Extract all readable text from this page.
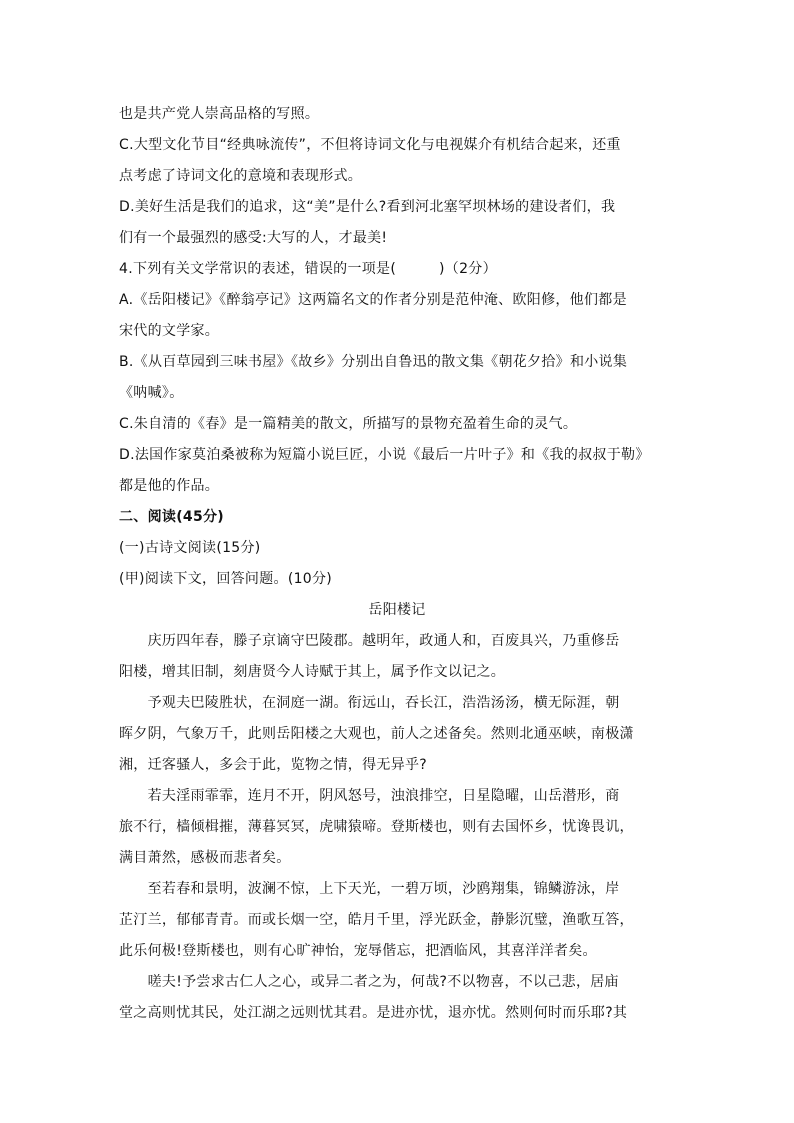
也是共产党人崇高品格的写照。
C.大型文化节目“经典咏流传”，不但将诗词文化与电视媒介有机结合起来，还重
点考虑了诗词文化的意境和表现形式。
D.美好生活是我们的追求，这“美”是什么?看到河北塞罕坝林场的建设者们，我
们有一个最强烈的感受:大写的人，才最美!
4.下列有关文学常识的表述，错误的一项是(　　　)（2分）
A.《岳阳楼记》《醉翁亭记》这两篇名文的作者分别是范仲淹、欧阳修，他们都是
宋代的文学家。
B.《从百草园到三味书屋》《故乡》分别出自鲁迅的散文集《朝花夕拾》和小说集
《呐喊》。
C.朱自清的《春》是一篇精美的散文，所描写的景物充盈着生命的灵气。
D.法国作家莫泊桑被称为短篇小说巨匠，小说《最后一片叶子》和《我的叔叔于勒》
都是他的作品。
二、阅读(45分)
(一)古诗文阅读(15分)
(甲)阅读下文，回答问题。(10分)
岳阳楼记
　　庆历四年春，滕子京谪守巴陵郡。越明年，政通人和，百废具兴，乃重修岳
阳楼，增其旧制，刻唐贤今人诗赋于其上，属予作文以记之。
　　予观夫巴陵胜状，在洞庭一湖。衔远山，吞长江，浩浩汤汤，横无际涯，朝
晖夕阴，气象万千，此则岳阳楼之大观也，前人之述备矣。然则北通巫峡，南极潇
湘，迁客骚人，多会于此，览物之情，得无异乎?
　　若夫淫雨霏霏，连月不开，阴风怒号，浊浪排空，日星隐曜，山岳潜形，商
旅不行，樯倾楫摧，薄暮冥冥，虎啸猿啼。登斯楼也，则有去国怀乡，忧谗畏讥，
满目萧然，感极而悲者矣。
　　至若春和景明，波澜不惊，上下天光，一碧万顷，沙鸥翔集，锦鳞游泳，岸
芷汀兰，郁郁青青。而或长烟一空，皓月千里，浮光跃金，静影沉璧，渔歌互答，
此乐何极!登斯楼也，则有心旷神怡，宠辱偕忘，把酒临风，其喜洋洋者矣。
　　嗟夫!予尝求古仁人之心，或异二者之为，何哉?不以物喜，不以己悲，居庙
堂之高则忧其民，处江湖之远则忧其君。是进亦忧，退亦忧。然则何时而乐耶?其
